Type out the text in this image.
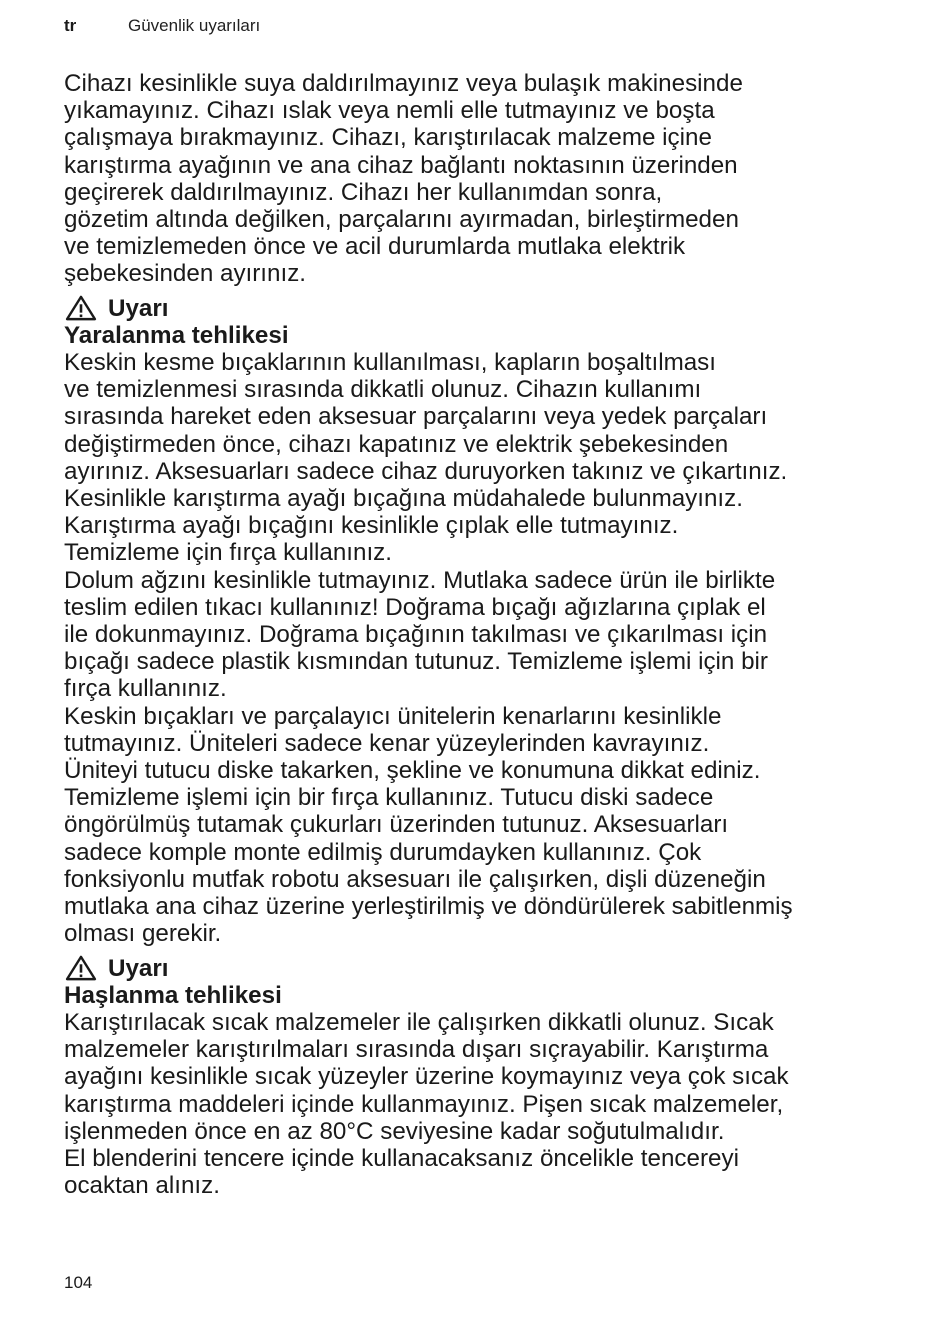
tr	Güvenlik uyarıları

Cihazı kesinlikle suya daldırılmayınız veya bulaşık makinesinde
yıkamayınız. Cihazı ıslak veya nemli elle tutmayınız ve boşta
çalışmaya bırakmayınız. Cihazı, karıştırılacak malzeme içine
karıştırma ayağının ve ana cihaz bağlantı noktasının üzerinden
geçirerek daldırılmayınız. Cihazı her kullanımdan sonra,
gözetim altında değilken, parçalarını ayırmadan, birleştirmeden
ve temizlemeden önce ve acil durumlarda mutlaka elektrik
şebekesinden ayırınız.

Uyarı

Yaralanma tehlikesi

Keskin kesme bıçaklarının kullanılması, kapların boşaltılması
ve temizlenmesi sırasında dikkatli olunuz. Cihazın kullanımı
sırasında hareket eden aksesuar parçalarını veya yedek parçaları
değiştirmeden önce, cihazı kapatınız ve elektrik şebekesinden
ayırınız. Aksesuarları sadece cihaz duruyorken takınız ve çıkartınız.
Kesinlikle karıştırma ayağı bıçağına müdahalede bulunmayınız.
Karıştırma ayağı bıçağını kesinlikle çıplak elle tutmayınız.
Temizleme için fırça kullanınız.

Dolum ağzını kesinlikle tutmayınız. Mutlaka sadece ürün ile birlikte
teslim edilen tıkacı kullanınız! Doğrama bıçağı ağızlarına çıplak el
ile dokunmayınız. Doğrama bıçağının takılması ve çıkarılması için
bıçağı sadece plastik kısmından tutunuz. Temizleme işlemi için bir
fırça kullanınız.

Keskin bıçakları ve parçalayıcı ünitelerin kenarlarını kesinlikle
tutmayınız. Üniteleri sadece kenar yüzeylerinden kavrayınız.
Üniteyi tutucu diske takarken, şekline ve konumuna dikkat ediniz.
Temizleme işlemi için bir fırça kullanınız. Tutucu diski sadece
öngörülmüş tutamak çukurları üzerinden tutunuz. Aksesuarları
sadece komple monte edilmiş durumdayken kullanınız. Çok
fonksiyonlu mutfak robotu aksesuarı ile çalışırken, dişli düzeneğin
mutlaka ana cihaz üzerine yerleştirilmiş ve döndürülerek sabitlenmiş
olması gerekir.

Uyarı

Haşlanma tehlikesi

Karıştırılacak sıcak malzemeler ile çalışırken dikkatli olunuz. Sıcak
malzemeler karıştırılmaları sırasında dışarı sıçrayabilir. Karıştırma
ayağını kesinlikle sıcak yüzeyler üzerine koymayınız veya çok sıcak
karıştırma maddeleri içinde kullanmayınız. Pişen sıcak malzemeler,
işlenmeden önce en az 80°C seviyesine kadar soğutulmalıdır.

El blenderini tencere içinde kullanacaksanız öncelikle tencereyi
ocaktan alınız.

104
